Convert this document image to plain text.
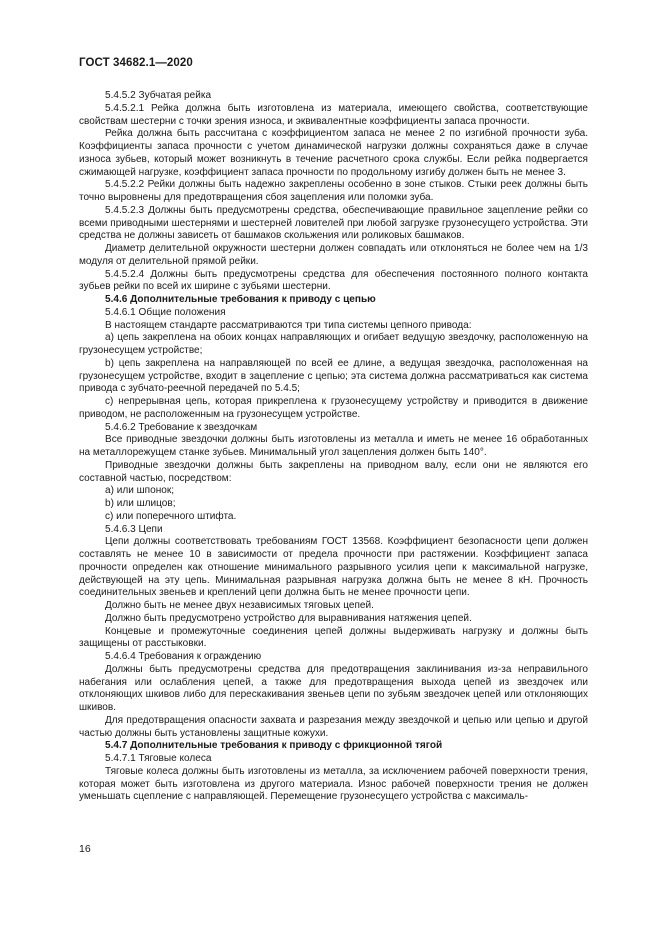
ГОСТ 34682.1—2020

5.4.5.2 Зубчатая рейка

5.4.5.2.1 Рейка должна быть изготовлена из материала, имеющего свойства, соответствующие свойствам шестерни с точки зрения износа, и эквивалентные коэффициенты запаса прочности.

Рейка должна быть рассчитана с коэффициентом запаса не менее 2 по изгибной прочности зуба. Коэффициенты запаса прочности с учетом динамической нагрузки должны сохраняться даже в случае износа зубьев, который может возникнуть в течение расчетного срока службы. Если рейка подвергается сжимающей нагрузке, коэффициент запаса прочности по продольному изгибу должен быть не менее 3.

5.4.5.2.2 Рейки должны быть надежно закреплены особенно в зоне стыков. Стыки реек должны быть точно выровнены для предотвращения сбоя зацепления или поломки зуба.

5.4.5.2.3 Должны быть предусмотрены средства, обеспечивающие правильное зацепление рейки со всеми приводными шестернями и шестерней ловителей при любой загрузке грузонесущего устройства. Эти средства не должны зависеть от башмаков скольжения или роликовых башмаков.

Диаметр делительной окружности шестерни должен совпадать или отклоняться не более чем на 1/3 модуля от делительной прямой рейки.

5.4.5.2.4 Должны быть предусмотрены средства для обеспечения постоянного полного контакта зубьев рейки по всей их ширине с зубьями шестерни.

5.4.6 Дополнительные требования к приводу с цепью

5.4.6.1 Общие положения

В настоящем стандарте рассматриваются три типа системы цепного привода:

а) цепь закреплена на обоих концах направляющих и огибает ведущую звездочку, расположенную на грузонесущем устройстве;

b) цепь закреплена на направляющей по всей ее длине, а ведущая звездочка, расположенная на грузонесущем устройстве, входит в зацепление с цепью; эта система должна рассматриваться как система привода с зубчато-реечной передачей по 5.4.5;

с) непрерывная цепь, которая прикреплена к грузонесущему устройству и приводится в движение приводом, не расположенным на грузонесущем устройстве.

5.4.6.2 Требование к звездочкам

Все приводные звездочки должны быть изготовлены из металла и иметь не менее 16 обработанных на металлорежущем станке зубьев. Минимальный угол зацепления должен быть 140°.

Приводные звездочки должны быть закреплены на приводном валу, если они не являются его составной частью, посредством:

а) или шпонок;

b) или шлицов;

с) или поперечного штифта.

5.4.6.3 Цепи

Цепи должны соответствовать требованиям ГОСТ 13568. Коэффициент безопасности цепи должен составлять не менее 10 в зависимости от предела прочности при растяжении. Коэффициент запаса прочности определен как отношение минимального разрывного усилия цепи к максимальной нагрузке, действующей на эту цепь. Минимальная разрывная нагрузка должна быть не менее 8 кН. Прочность соединительных звеньев и креплений цепи должна быть не менее прочности цепи.

Должно быть не менее двух независимых тяговых цепей.

Должно быть предусмотрено устройство для выравнивания натяжения цепей.

Концевые и промежуточные соединения цепей должны выдерживать нагрузку и должны быть защищены от расстыковки.

5.4.6.4 Требования к ограждению

Должны быть предусмотрены средства для предотвращения заклинивания из-за неправильного набегания или ослабления цепей, а также для предотвращения выхода цепей из звездочек или отклоняющих шкивов либо для перескакивания звеньев цепи по зубьям звездочек цепей или отклоняющих шкивов.

Для предотвращения опасности захвата и разрезания между звездочкой и цепью или цепью и другой частью должны быть установлены защитные кожухи.

5.4.7 Дополнительные требования к приводу с фрикционной тягой

5.4.7.1 Тяговые колеса

Тяговые колеса должны быть изготовлены из металла, за исключением рабочей поверхности трения, которая может быть изготовлена из другого материала. Износ рабочей поверхности трения не должен уменьшать сцепление с направляющей. Перемещение грузонесущего устройства с максималь-

16
